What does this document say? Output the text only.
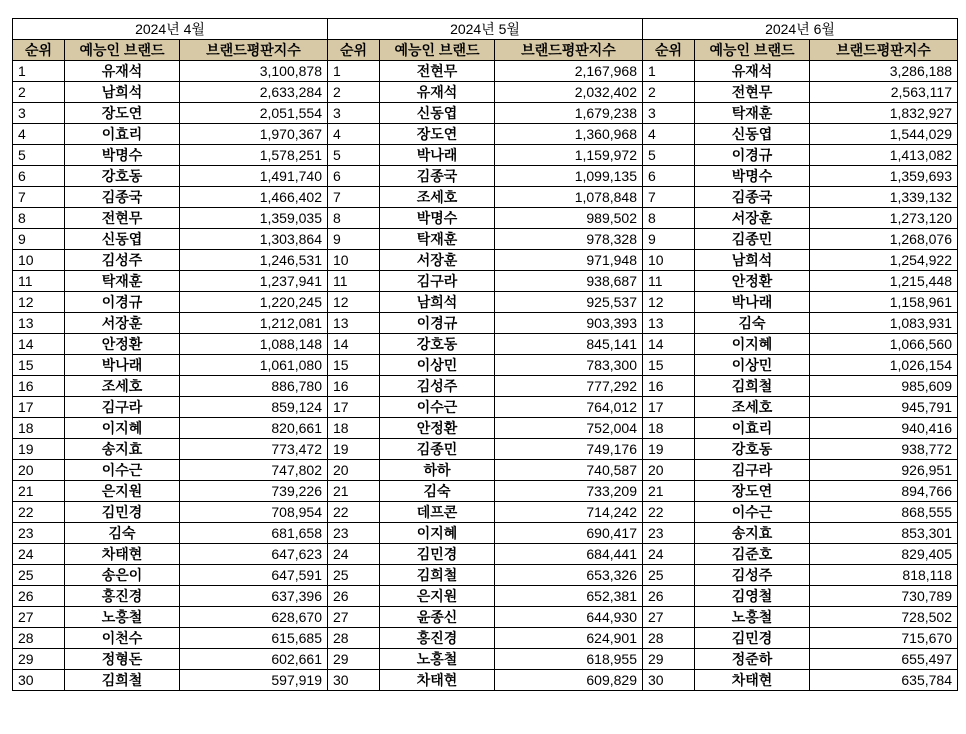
2024년 4월			2024년 5월			2024년 6월		
순위	예능인 브랜드	브랜드평판지수	순위	예능인 브랜드	브랜드평판지수	순위	예능인 브랜드	브랜드평판지수
1	유재석	3,100,878	1	전현무	2,167,968	1	유재석	3,286,188
2	남희석	2,633,284	2	유재석	2,032,402	2	전현무	2,563,117
3	장도연	2,051,554	3	신동엽	1,679,238	3	탁재훈	1,832,927
4	이효리	1,970,367	4	장도연	1,360,968	4	신동엽	1,544,029
5	박명수	1,578,251	5	박나래	1,159,972	5	이경규	1,413,082
6	강호동	1,491,740	6	김종국	1,099,135	6	박명수	1,359,693
7	김종국	1,466,402	7	조세호	1,078,848	7	김종국	1,339,132
8	전현무	1,359,035	8	박명수	989,502	8	서장훈	1,273,120
9	신동엽	1,303,864	9	탁재훈	978,328	9	김종민	1,268,076
10	김성주	1,246,531	10	서장훈	971,948	10	남희석	1,254,922
11	탁재훈	1,237,941	11	김구라	938,687	11	안정환	1,215,448
12	이경규	1,220,245	12	남희석	925,537	12	박나래	1,158,961
13	서장훈	1,212,081	13	이경규	903,393	13	김숙	1,083,931
14	안정환	1,088,148	14	강호동	845,141	14	이지혜	1,066,560
15	박나래	1,061,080	15	이상민	783,300	15	이상민	1,026,154
16	조세호	886,780	16	김성주	777,292	16	김희철	985,609
17	김구라	859,124	17	이수근	764,012	17	조세호	945,791
18	이지혜	820,661	18	안정환	752,004	18	이효리	940,416
19	송지효	773,472	19	김종민	749,176	19	강호동	938,772
20	이수근	747,802	20	하하	740,587	20	김구라	926,951
21	은지원	739,226	21	김숙	733,209	21	장도연	894,766
22	김민경	708,954	22	데프콘	714,242	22	이수근	868,555
23	김숙	681,658	23	이지혜	690,417	23	송지효	853,301
24	차태현	647,623	24	김민경	684,441	24	김준호	829,405
25	송은이	647,591	25	김희철	653,326	25	김성주	818,118
26	홍진경	637,396	26	은지원	652,381	26	김영철	730,789
27	노홍철	628,670	27	윤종신	644,930	27	노홍철	728,502
28	이천수	615,685	28	홍진경	624,901	28	김민경	715,670
29	정형돈	602,661	29	노홍철	618,955	29	정준하	655,497
30	김희철	597,919	30	차태현	609,829	30	차태현	635,784
